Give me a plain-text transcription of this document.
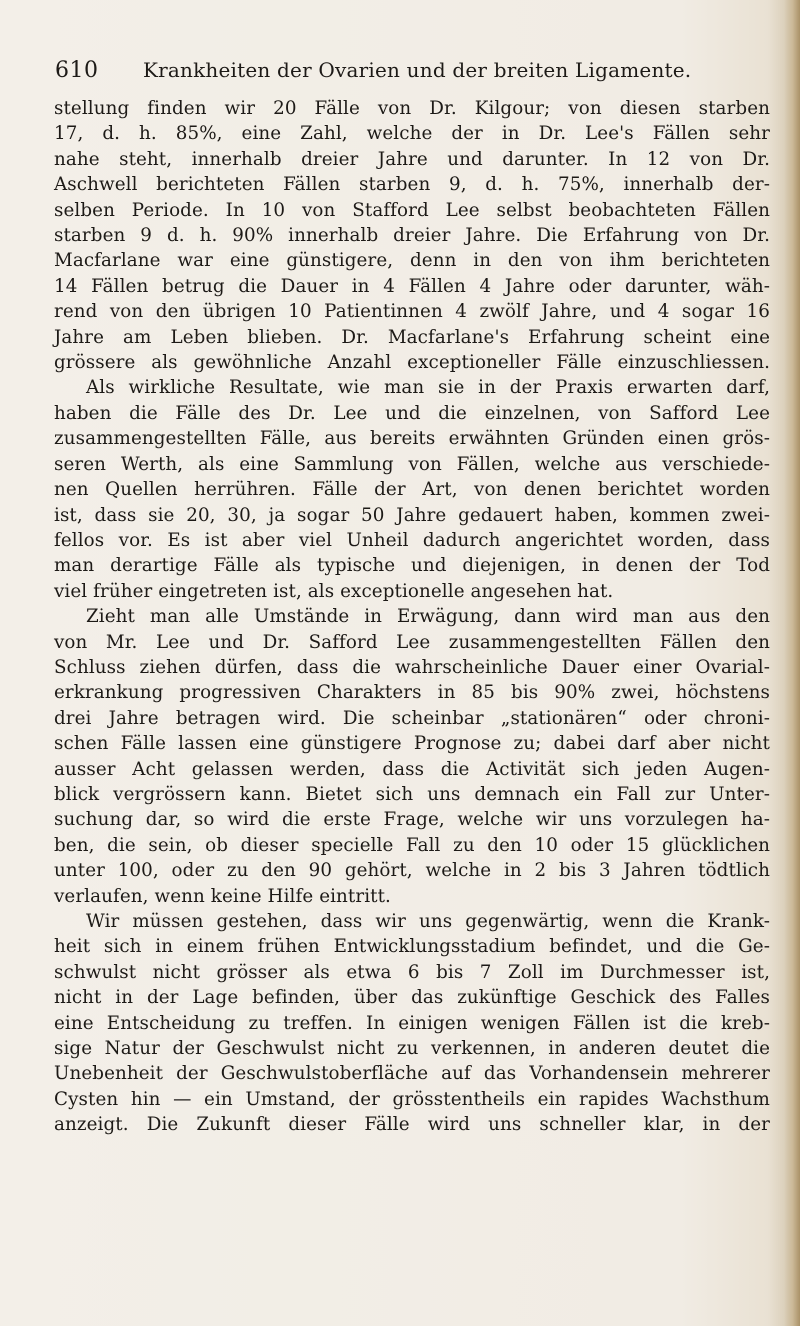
610 Krankheiten der Ovarien und der breiten Ligamente.
stellung finden wir 20 Fälle von Dr. Kilgour; von diesen starben
17, d. h. 85%, eine Zahl, welche der in Dr. Lee's Fällen sehr
nahe steht, innerhalb dreier Jahre und darunter. In 12 von Dr.
Aschwell berichteten Fällen starben 9, d. h. 75%, innerhalb der-
selben Periode. In 10 von Stafford Lee selbst beobachteten Fällen
starben 9 d. h. 90% innerhalb dreier Jahre. Die Erfahrung von Dr.
Macfarlane war eine günstigere, denn in den von ihm berichteten
14 Fällen betrug die Dauer in 4 Fällen 4 Jahre oder darunter, wäh-
rend von den übrigen 10 Patientinnen 4 zwölf Jahre, und 4 sogar 16
Jahre am Leben blieben. Dr. Macfarlane's Erfahrung scheint eine
grössere als gewöhnliche Anzahl exceptioneller Fälle einzuschliessen.
Als wirkliche Resultate, wie man sie in der Praxis erwarten darf,
haben die Fälle des Dr. Lee und die einzelnen, von Safford Lee
zusammengestellten Fälle, aus bereits erwähnten Gründen einen grös-
seren Werth, als eine Sammlung von Fällen, welche aus verschiede-
nen Quellen herrühren. Fälle der Art, von denen berichtet worden
ist, dass sie 20, 30, ja sogar 50 Jahre gedauert haben, kommen zwei-
fellos vor. Es ist aber viel Unheil dadurch angerichtet worden, dass
man derartige Fälle als typische und diejenigen, in denen der Tod
viel früher eingetreten ist, als exceptionelle angesehen hat.
Zieht man alle Umstände in Erwägung, dann wird man aus den
von Mr. Lee und Dr. Safford Lee zusammengestellten Fällen den
Schluss ziehen dürfen, dass die wahrscheinliche Dauer einer Ovarial-
erkrankung progressiven Charakters in 85 bis 90% zwei, höchstens
drei Jahre betragen wird. Die scheinbar „stationären“ oder chroni-
schen Fälle lassen eine günstigere Prognose zu; dabei darf aber nicht
ausser Acht gelassen werden, dass die Activität sich jeden Augen-
blick vergrössern kann. Bietet sich uns demnach ein Fall zur Unter-
suchung dar, so wird die erste Frage, welche wir uns vorzulegen ha-
ben, die sein, ob dieser specielle Fall zu den 10 oder 15 glücklichen
unter 100, oder zu den 90 gehört, welche in 2 bis 3 Jahren tödtlich
verlaufen, wenn keine Hilfe eintritt.
Wir müssen gestehen, dass wir uns gegenwärtig, wenn die Krank-
heit sich in einem frühen Entwicklungsstadium befindet, und die Ge-
schwulst nicht grösser als etwa 6 bis 7 Zoll im Durchmesser ist,
nicht in der Lage befinden, über das zukünftige Geschick des Falles
eine Entscheidung zu treffen. In einigen wenigen Fällen ist die kreb-
sige Natur der Geschwulst nicht zu verkennen, in anderen deutet die
Unebenheit der Geschwulstoberfläche auf das Vorhandensein mehrerer
Cysten hin — ein Umstand, der grösstentheils ein rapides Wachsthum
anzeigt. Die Zukunft dieser Fälle wird uns schneller klar, in der
